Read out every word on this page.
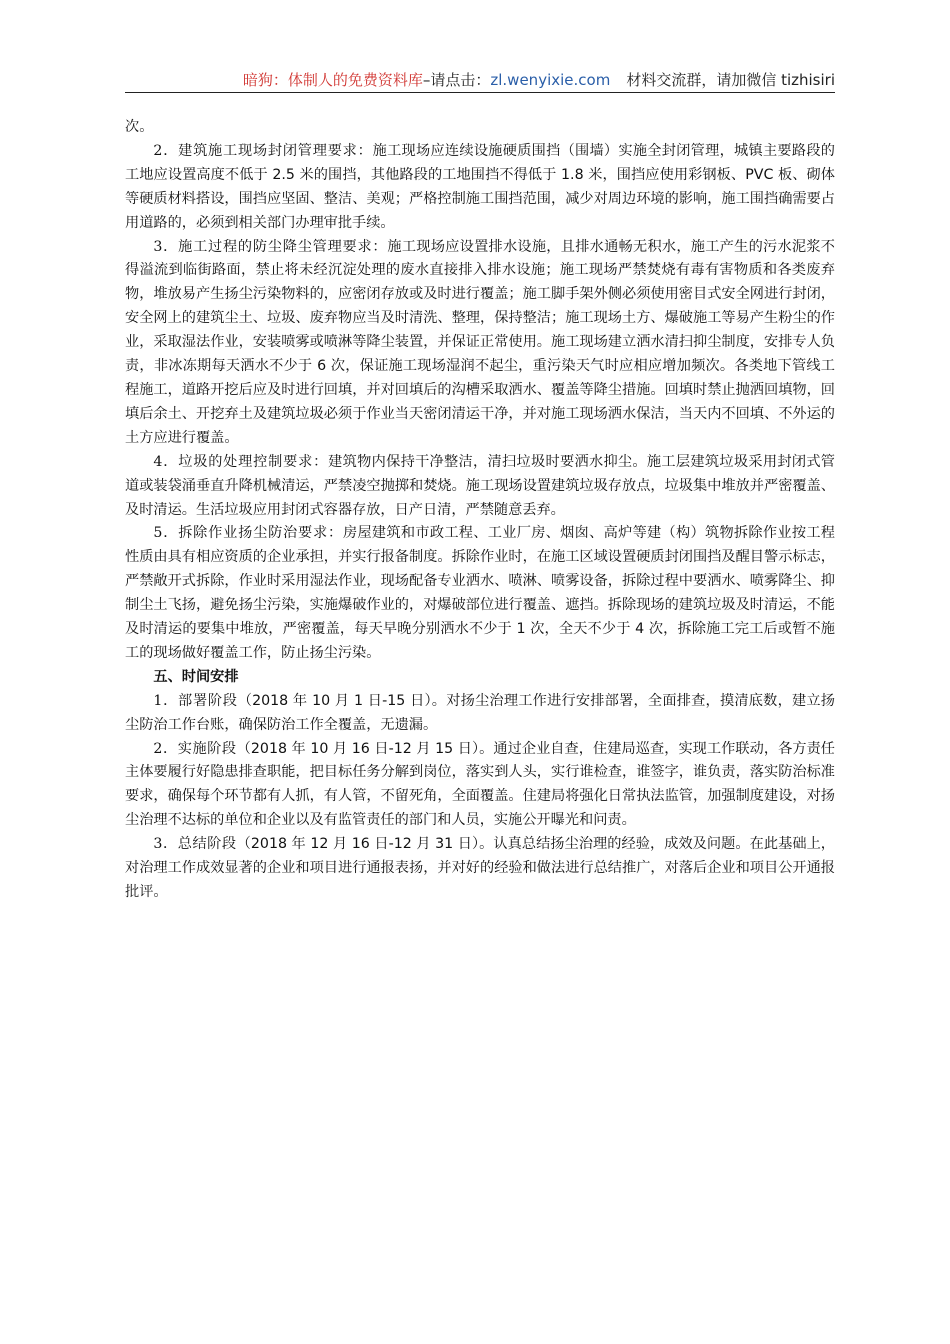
暗狗：体制人的免费资料库–请点击：zl.wenyixie.com 材料交流群，请加微信 tizhisiri

次。

2．建筑施工现场封闭管理要求：施工现场应连续设施硬质围挡（围墙）实施全封闭管理，城镇主要路段的工地应设置高度不低于 2.5 米的围挡，其他路段的工地围挡不得低于 1.8 米，围挡应使用彩钢板、PVC 板、砌体等硬质材料搭设，围挡应坚固、整洁、美观；严格控制施工围挡范围，减少对周边环境的影响，施工围挡确需要占用道路的，必须到相关部门办理审批手续。

3．施工过程的防尘降尘管理要求：施工现场应设置排水设施，且排水通畅无积水，施工产生的污水泥浆不得溢流到临街路面，禁止将未经沉淀处理的废水直接排入排水设施；施工现场严禁焚烧有毒有害物质和各类废弃物，堆放易产生扬尘污染物料的，应密闭存放或及时进行覆盖；施工脚手架外侧必须使用密目式安全网进行封闭，安全网上的建筑尘土、垃圾、废弃物应当及时清洗、整理，保持整洁；施工现场土方、爆破施工等易产生粉尘的作业，采取湿法作业，安装喷雾或喷淋等降尘装置，并保证正常使用。施工现场建立洒水清扫抑尘制度，安排专人负责，非冰冻期每天洒水不少于 6 次，保证施工现场湿润不起尘，重污染天气时应相应增加频次。各类地下管线工程施工，道路开挖后应及时进行回填，并对回填后的沟槽采取洒水、覆盖等降尘措施。回填时禁止抛洒回填物，回填后余土、开挖弃土及建筑垃圾必须于作业当天密闭清运干净，并对施工现场洒水保洁，当天内不回填、不外运的土方应进行覆盖。

4．垃圾的处理控制要求：建筑物内保持干净整洁，清扫垃圾时要洒水抑尘。施工层建筑垃圾采用封闭式管道或装袋涌垂直升降机械清运，严禁凌空抛掷和焚烧。施工现场设置建筑垃圾存放点，垃圾集中堆放并严密覆盖、及时清运。生活垃圾应用封闭式容器存放，日产日清，严禁随意丢弃。

5．拆除作业扬尘防治要求：房屋建筑和市政工程、工业厂房、烟囱、高炉等建（构）筑物拆除作业按工程性质由具有相应资质的企业承担，并实行报备制度。拆除作业时，在施工区域设置硬质封闭围挡及醒目警示标志，严禁敞开式拆除，作业时采用湿法作业，现场配备专业洒水、喷淋、喷雾设备，拆除过程中要洒水、喷雾降尘、抑制尘土飞扬，避免扬尘污染，实施爆破作业的，对爆破部位进行覆盖、遮挡。拆除现场的建筑垃圾及时清运，不能及时清运的要集中堆放，严密覆盖，每天早晚分别洒水不少于 1 次，全天不少于 4 次，拆除施工完工后或暂不施工的现场做好覆盖工作，防止扬尘污染。

五、时间安排

1．部署阶段（2018 年 10 月 1 日-15 日）。对扬尘治理工作进行安排部署，全面排查，摸清底数，建立扬尘防治工作台账，确保防治工作全覆盖，无遗漏。

2．实施阶段（2018 年 10 月 16 日-12 月 15 日）。通过企业自查，住建局巡查，实现工作联动，各方责任主体要履行好隐患排查职能，把目标任务分解到岗位，落实到人头，实行谁检查，谁签字，谁负责，落实防治标准要求，确保每个环节都有人抓，有人管，不留死角，全面覆盖。住建局将强化日常执法监管，加强制度建设，对扬尘治理不达标的单位和企业以及有监管责任的部门和人员，实施公开曝光和问责。

3．总结阶段（2018 年 12 月 16 日-12 月 31 日）。认真总结扬尘治理的经验，成效及问题。在此基础上，对治理工作成效显著的企业和项目进行通报表扬，并对好的经验和做法进行总结推广，对落后企业和项目公开通报批评。
